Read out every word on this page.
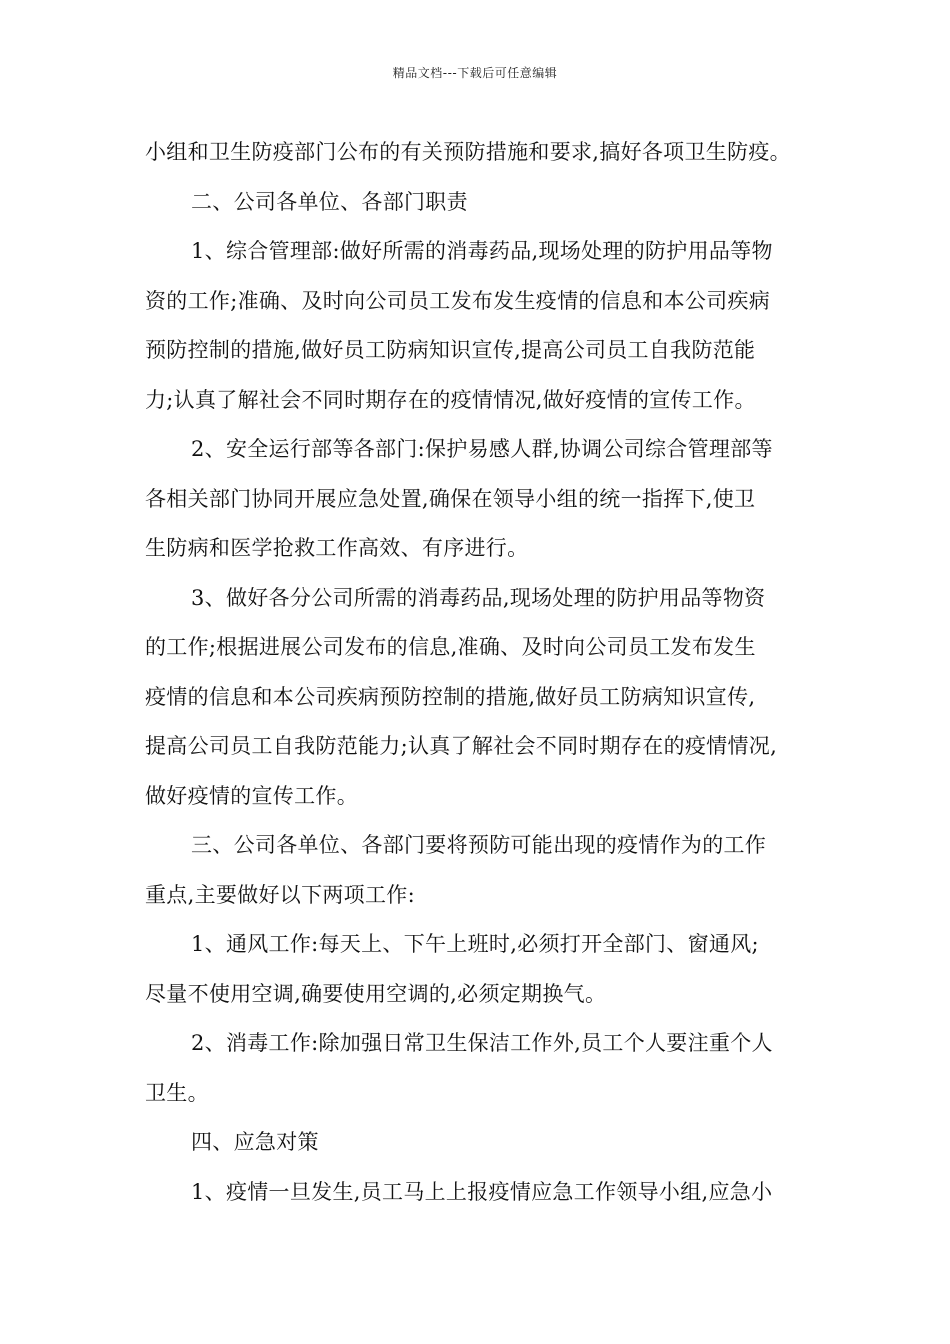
精品文档---下载后可任意编辑
小组和卫生防疫部门公布的有关预防措施和要求,搞好各项卫生防疫。
二、公司各单位、各部门职责
1、综合管理部:做好所需的消毒药品,现场处理的防护用品等物
资的工作;准确、及时向公司员工发布发生疫情的信息和本公司疾病
预防控制的措施,做好员工防病知识宣传,提高公司员工自我防范能
力;认真了解社会不同时期存在的疫情情况,做好疫情的宣传工作。
2、安全运行部等各部门:保护易感人群,协调公司综合管理部等
各相关部门协同开展应急处置,确保在领导小组的统一指挥下,使卫
生防病和医学抢救工作高效、有序进行。
3、做好各分公司所需的消毒药品,现场处理的防护用品等物资
的工作;根据进展公司发布的信息,准确、及时向公司员工发布发生
疫情的信息和本公司疾病预防控制的措施,做好员工防病知识宣传,
提高公司员工自我防范能力;认真了解社会不同时期存在的疫情情况,
做好疫情的宣传工作。
三、公司各单位、各部门要将预防可能出现的疫情作为的工作
重点,主要做好以下两项工作:
1、通风工作:每天上、下午上班时,必须打开全部门、窗通风;
尽量不使用空调,确要使用空调的,必须定期换气。
2、消毒工作:除加强日常卫生保洁工作外,员工个人要注重个人
卫生。
四、应急对策
1、疫情一旦发生,员工马上上报疫情应急工作领导小组,应急小
